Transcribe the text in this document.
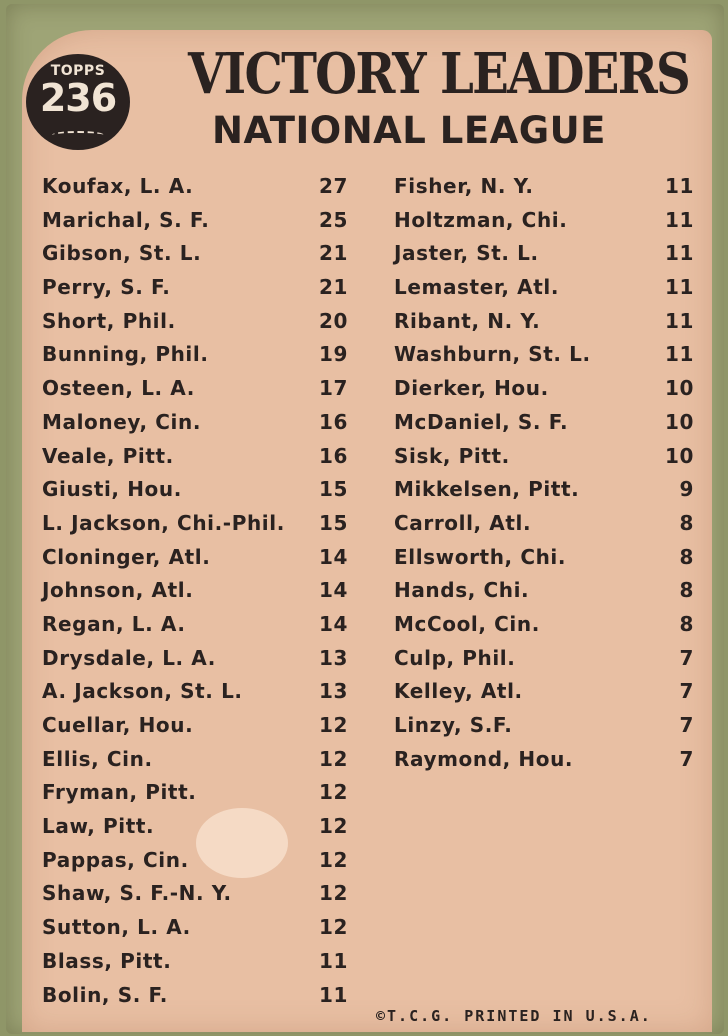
TOPPS
236 VICTORY LEADERS
NATIONAL LEAGUE
Koufax, L. A.	27
Marichal, S. F.	25
Gibson, St. L.	21
Perry, S. F.	21
Short, Phil.	20
Bunning, Phil.	19
Osteen, L. A.	17
Maloney, Cin.	16
Veale, Pitt.	16
Giusti, Hou.	15
L. Jackson, Chi.-Phil. 15
Cloninger, Atl.	14
Johnson, Atl.	14
Regan, L. A.	14
Drysdale, L. A.	13
A. Jackson, St. L.	13
Cuellar, Hou.	12
Ellis, Cin.	12
Fryman, Pitt.	12
Law, Pitt.	12
Pappas, Cin.	12
Shaw, S. F.-N. Y.	12
Sutton, L. A.	12
Blass, Pitt.	11
Bolin, S. F.	11
Fisher, N. Y.	11
Holtzman, Chi.	11
Jaster, St. L.	11
Lemaster, Atl.	11
Ribant, N. Y.	11
Washburn, St. L.	11
Dierker, Hou.	10
McDaniel, S. F.	10
Sisk, Pitt.	10
Mikkelsen, Pitt.	9
Carroll, Atl.	8
Ellsworth, Chi.	8
Hands, Chi.	8
McCool, Cin.	8
Culp, Phil.	7
Kelley, Atl.	7
Linzy, S.F.	7
Raymond, Hou.	7
©T.C.G. PRINTED IN U.S.A.
